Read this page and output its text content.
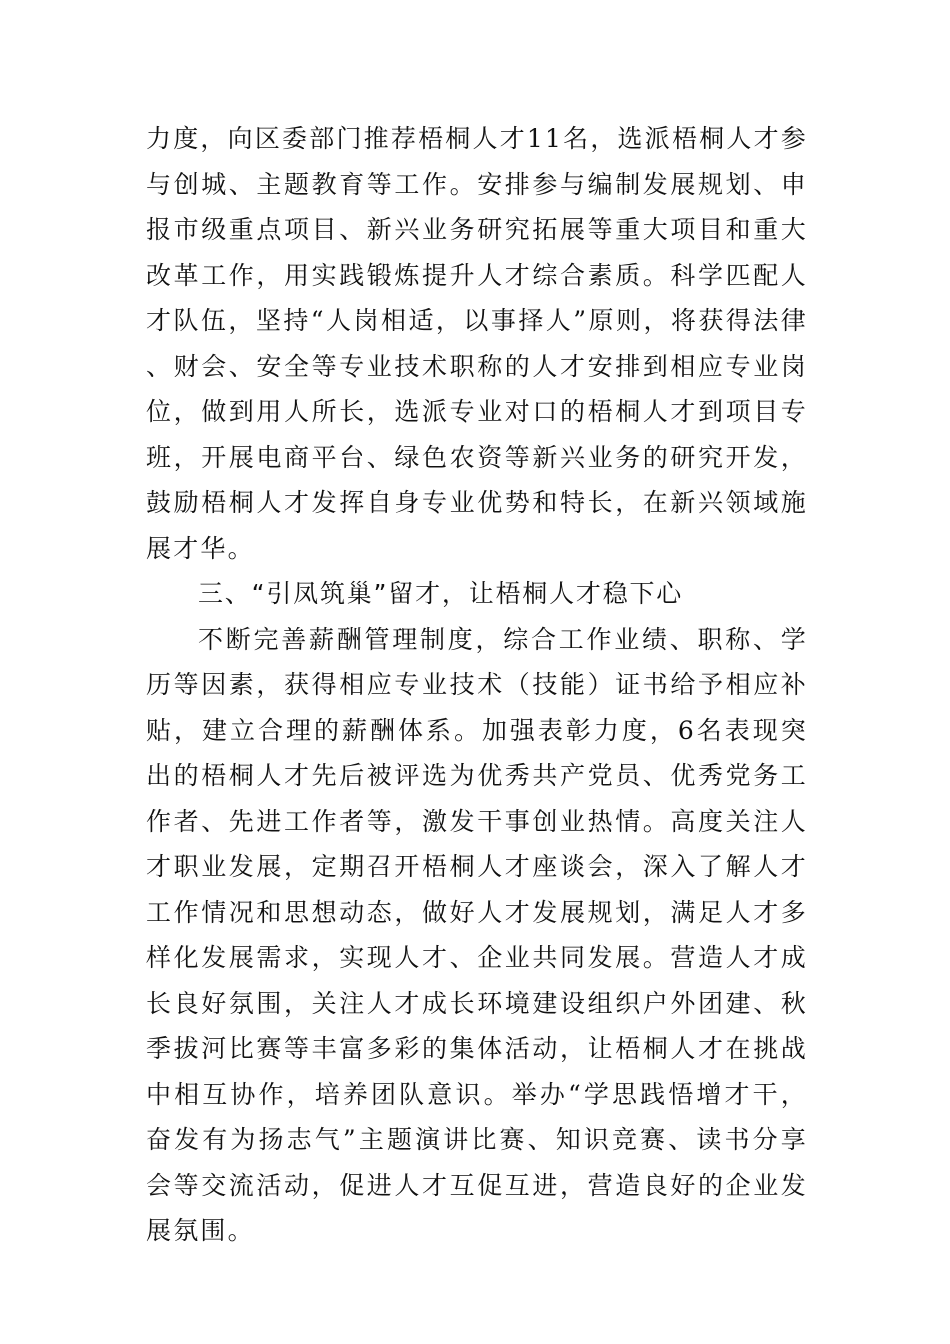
力度，向区委部门推荐梧桐人才11名，选派梧桐人才参与创城、主题教育等工作。安排参与编制发展规划、申报市级重点项目、新兴业务研究拓展等重大项目和重大改革工作，用实践锻炼提升人才综合素质。科学匹配人才队伍，坚持“人岗相适，以事择人”原则，将获得法律、财会、安全等专业技术职称的人才安排到相应专业岗位，做到用人所长，选派专业对口的梧桐人才到项目专班，开展电商平台、绿色农资等新兴业务的研究开发，鼓励梧桐人才发挥自身专业优势和特长，在新兴领域施展才华。

三、“引凤筑巢”留才，让梧桐人才稳下心

不断完善薪酬管理制度，综合工作业绩、职称、学历等因素，获得相应专业技术（技能）证书给予相应补贴，建立合理的薪酬体系。加强表彰力度，6名表现突出的梧桐人才先后被评选为优秀共产党员、优秀党务工作者、先进工作者等，激发干事创业热情。高度关注人才职业发展，定期召开梧桐人才座谈会，深入了解人才工作情况和思想动态，做好人才发展规划，满足人才多样化发展需求，实现人才、企业共同发展。营造人才成长良好氛围，关注人才成长环境建设组织户外团建、秋季拔河比赛等丰富多彩的集体活动，让梧桐人才在挑战中相互协作，培养团队意识。举办“学思践悟增才干，奋发有为扬志气”主题演讲比赛、知识竞赛、读书分享会等交流活动，促进人才互促互进，营造良好的企业发展氛围。
